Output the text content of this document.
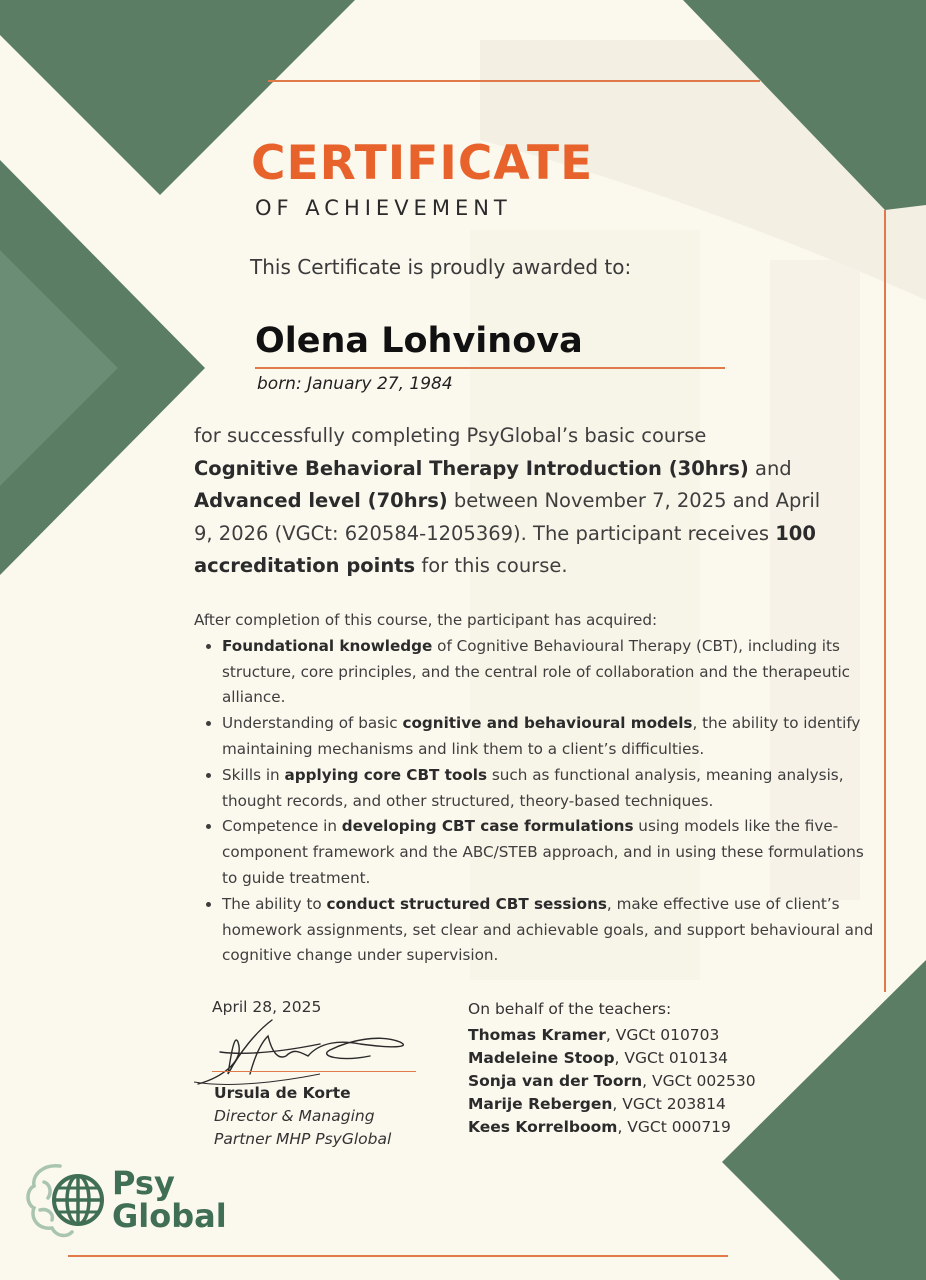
CERTIFICATE
OF ACHIEVEMENT
This Certificate is proudly awarded to:
Olena Lohvinova
born: January 27, 1984
for successfully completing PsyGlobal’s basic course
Cognitive Behavioral Therapy Introduction (30hrs) and
Advanced level (70hrs) between November 7, 2025 and April 9, 2026 (VGCt: 620584-1205369). The participant receives 100 accreditation points for this course.
After completion of this course, the participant has acquired:
• Foundational knowledge of Cognitive Behavioural Therapy (CBT), including its structure, core principles, and the central role of collaboration and the therapeutic alliance.
• Understanding of basic cognitive and behavioural models, the ability to identify maintaining mechanisms and link them to a client’s difficulties.
• Skills in applying core CBT tools such as functional analysis, meaning analysis, thought records, and other structured, theory-based techniques.
• Competence in developing CBT case formulations using models like the five-component framework and the ABC/STEB approach, and in using these formulations to guide treatment.
• The ability to conduct structured CBT sessions, make effective use of client’s homework assignments, set clear and achievable goals, and support behavioural and cognitive change under supervision.
April 28, 2025
Ursula de Korte
Director & Managing
Partner MHP PsyGlobal
On behalf of the teachers:
Thomas Kramer, VGCt 010703
Madeleine Stoop, VGCt 010134
Sonja van der Toorn, VGCt 002530
Marije Rebergen, VGCt 203814
Kees Korrelboom, VGCt 000719
Psy
Global
